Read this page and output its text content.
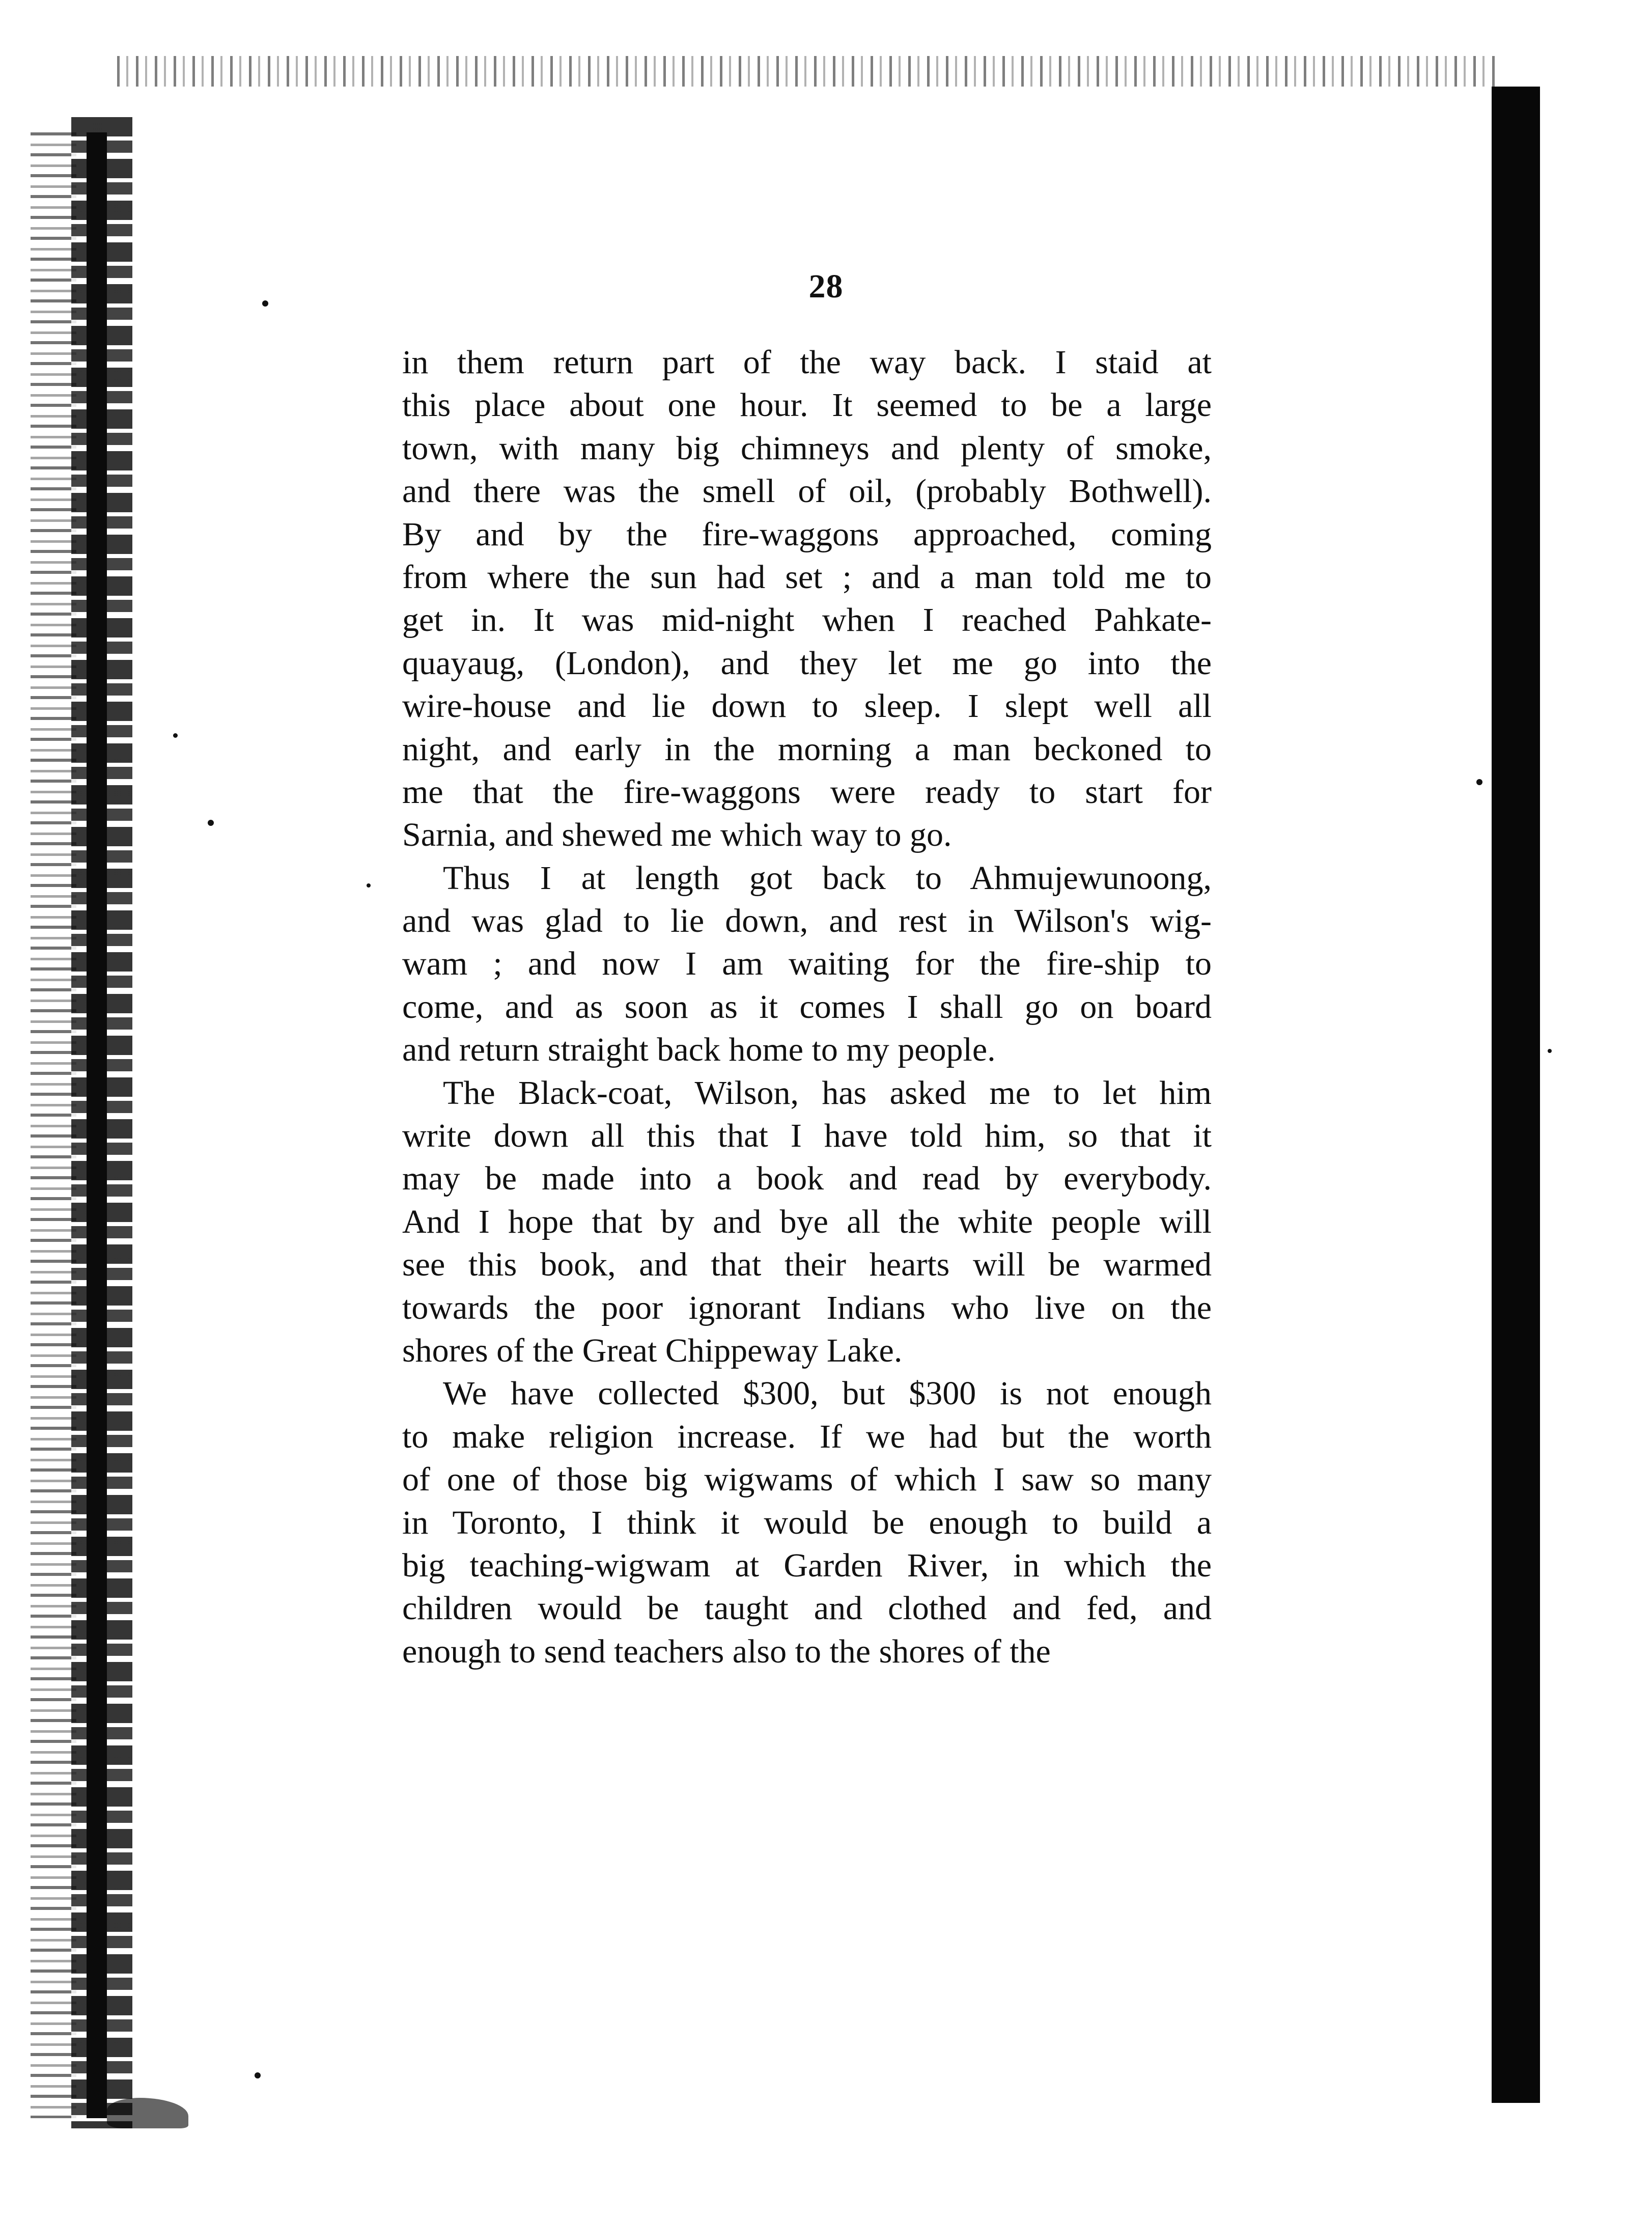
28
in them return part of the way back. I staid at
this place about one hour. It seemed to be a large
town, with many big chimneys and plenty of smoke,
and there was the smell of oil, (probably Bothwell).
By and by the fire-waggons approached, coming
from where the sun had set ; and a man told me to
get in. It was mid-night when I reached Pahkate-
quayaug, (London), and they let me go into the
wire-house and lie down to sleep. I slept well all
night, and early in the morning a man beckoned to
me that the fire-waggons were ready to start for
Sarnia, and shewed me which way to go.
Thus I at length got back to Ahmujewunoong,
and was glad to lie down, and rest in Wilson's wig-
wam ; and now I am waiting for the fire-ship to
come, and as soon as it comes I shall go on board
and return straight back home to my people.
The Black-coat, Wilson, has asked me to let him
write down all this that I have told him, so that it
may be made into a book and read by everybody.
And I hope that by and bye all the white people will
see this book, and that their hearts will be warmed
towards the poor ignorant Indians who live on the
shores of the Great Chippeway Lake.
We have collected $300, but $300 is not enough
to make religion increase. If we had but the worth
of one of those big wigwams of which I saw so many
in Toronto, I think it would be enough to build a
big teaching-wigwam at Garden River, in which the
children would be taught and clothed and fed, and
enough to send teachers also to the shores of the
